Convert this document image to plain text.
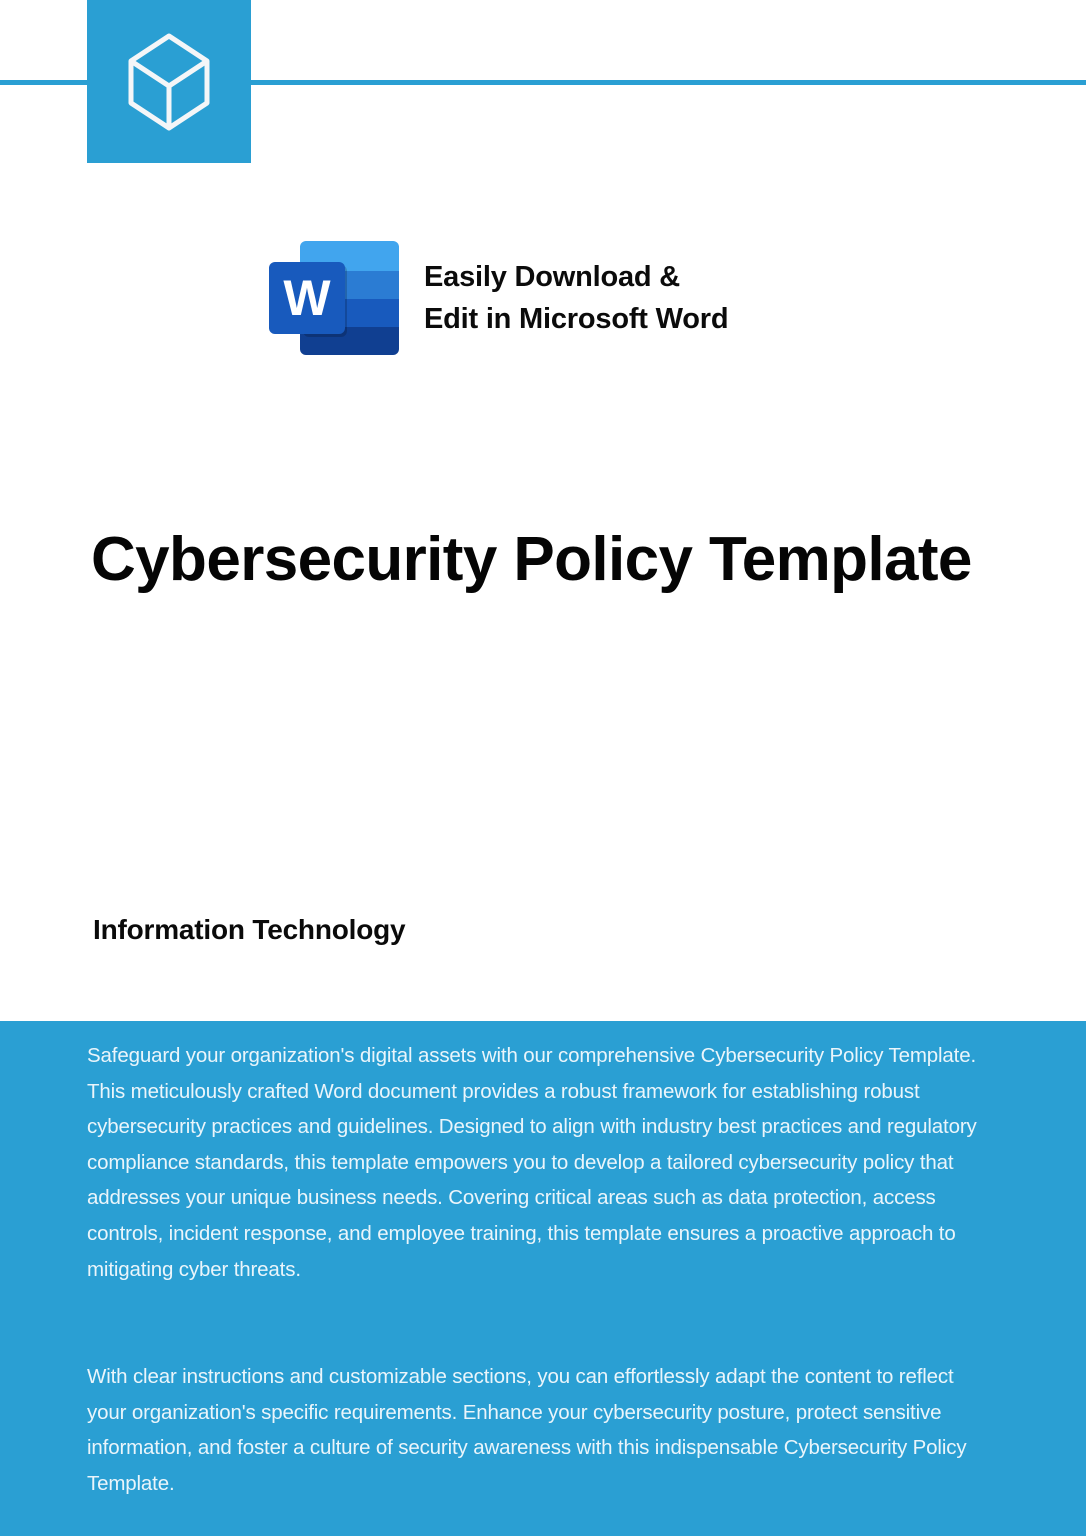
W	Easily Download &
Edit in Microsoft Word
Cybersecurity Policy Template
Information Technology

Safeguard your organization's digital assets with our comprehensive Cybersecurity Policy Template. This meticulously crafted Word document provides a robust framework for establishing robust cybersecurity practices and guidelines. Designed to align with industry best practices and regulatory compliance standards, this template empowers you to develop a tailored cybersecurity policy that addresses your unique business needs. Covering critical areas such as data protection, access controls, incident response, and employee training, this template ensures a proactive approach to mitigating cyber threats.

With clear instructions and customizable sections, you can effortlessly adapt the content to reflect your organization's specific requirements. Enhance your cybersecurity posture, protect sensitive information, and foster a culture of security awareness with this indispensable Cybersecurity Policy Template.
